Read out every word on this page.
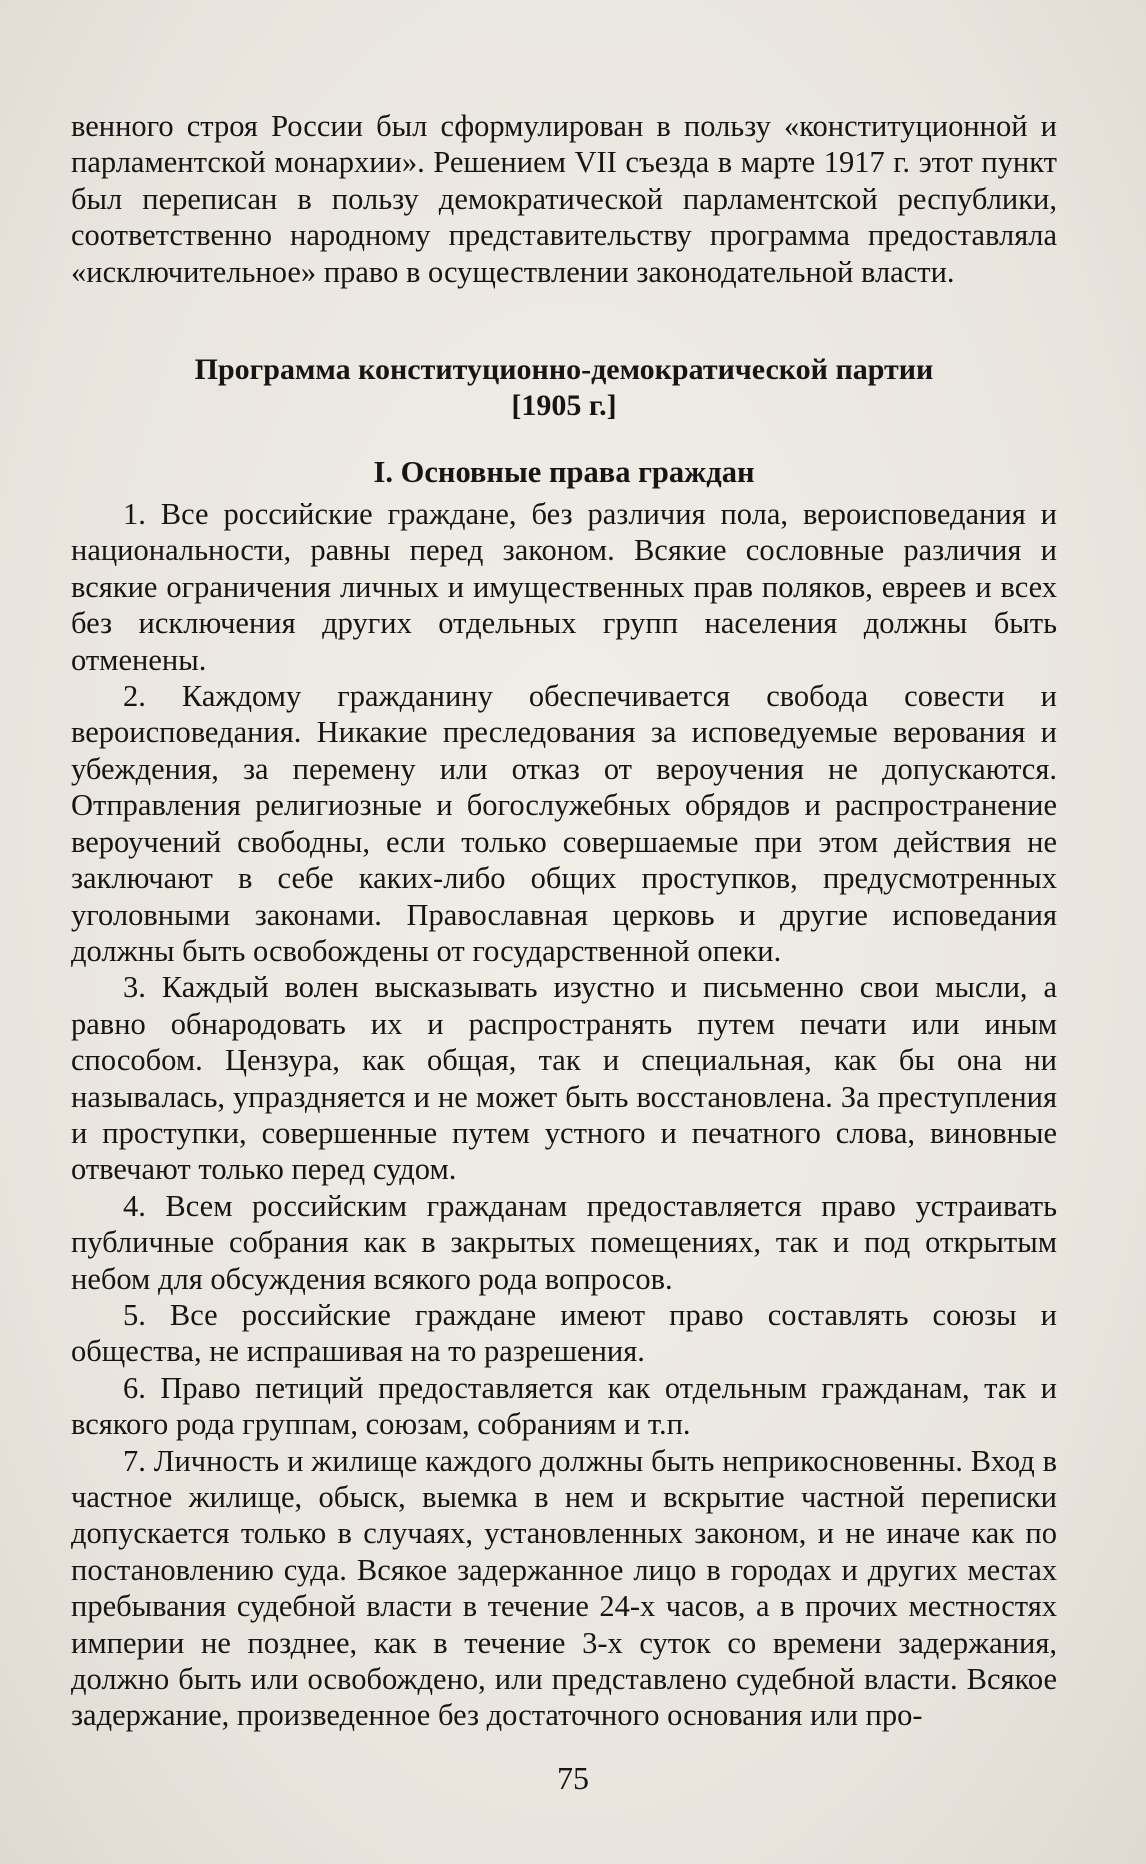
венного строя России был сформулирован в пользу «конституционной и парламентской монархии». Решением VII съезда в марте 1917 г. этот пункт был переписан в пользу демократической парламентской республики, соответственно народному представительству программа предоставляла «исключительное» право в осуществлении законодательной власти.

Программа конституционно-демократической партии
[1905 г.]
I. Основные права граждан

1. Все российские граждане, без различия пола, вероисповедания и национальности, равны перед законом. Всякие сословные различия и всякие ограничения личных и имущественных прав поляков, евреев и всех без исключения других отдельных групп населения должны быть отменены.

2. Каждому гражданину обеспечивается свобода совести и вероисповедания. Никакие преследования за исповедуемые верования и убеждения, за перемену или отказ от вероучения не допускаются. Отправления религиозные и богослужебных обрядов и распространение вероучений свободны, если только совершаемые при этом действия не заключают в себе каких-либо общих проступков, предусмотренных уголовными законами. Православная церковь и другие исповедания должны быть освобождены от государственной опеки.

3. Каждый волен высказывать изустно и письменно свои мысли, а равно обнародовать их и распространять путем печати или иным способом. Цензура, как общая, так и специальная, как бы она ни называлась, упраздняется и не может быть восстановлена. За преступления и проступки, совершенные путем устного и печатного слова, виновные отвечают только перед судом.

4. Всем российским гражданам предоставляется право устраивать публичные собрания как в закрытых помещениях, так и под открытым небом для обсуждения всякого рода вопросов.

5. Все российские граждане имеют право составлять союзы и общества, не испрашивая на то разрешения.

6. Право петиций предоставляется как отдельным гражданам, так и всякого рода группам, союзам, собраниям и т.п.

7. Личность и жилище каждого должны быть неприкосновенны. Вход в частное жилище, обыск, выемка в нем и вскрытие частной переписки допускается только в случаях, установленных законом, и не иначе как по постановлению суда. Всякое задержанное лицо в городах и других местах пребывания судебной власти в течение 24-х часов, а в прочих местностях империи не позднее, как в течение 3-х суток со времени задержания, должно быть или освобождено, или представлено судебной власти. Всякое задержание, произведенное без достаточного основания или про-

75
